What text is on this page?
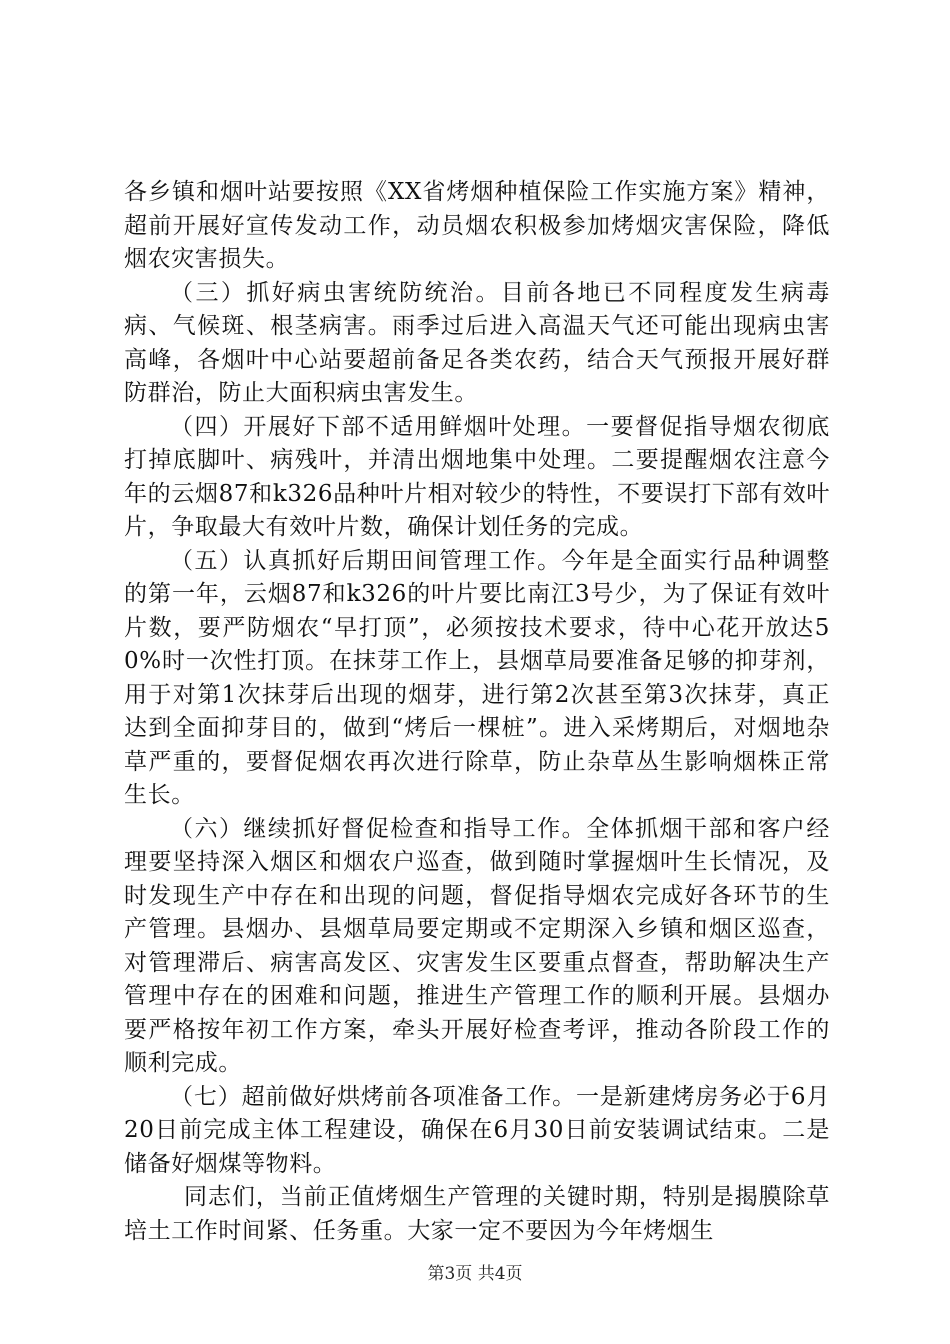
各乡镇和烟叶站要按照《XX省烤烟种植保险工作实施方案》精神，超前开展好宣传发动工作，动员烟农积极参加烤烟灾害保险，降低烟农灾害损失。

（三）抓好病虫害统防统治。目前各地已不同程度发生病毒病、气候斑、根茎病害。雨季过后进入高温天气还可能出现病虫害高峰，各烟叶中心站要超前备足各类农药，结合天气预报开展好群防群治，防止大面积病虫害发生。

（四）开展好下部不适用鲜烟叶处理。一要督促指导烟农彻底打掉底脚叶、病残叶，并清出烟地集中处理。二要提醒烟农注意今年的云烟87和k326品种叶片相对较少的特性，不要误打下部有效叶片，争取最大有效叶片数，确保计划任务的完成。

（五）认真抓好后期田间管理工作。今年是全面实行品种调整的第一年，云烟87和k326的叶片要比南江3号少，为了保证有效叶片数，要严防烟农“早打顶”，必须按技术要求，待中心花开放达50%时一次性打顶。在抹芽工作上，县烟草局要准备足够的抑芽剂，用于对第1次抹芽后出现的烟芽，进行第2次甚至第3次抹芽，真正达到全面抑芽目的，做到“烤后一棵桩”。进入采烤期后，对烟地杂草严重的，要督促烟农再次进行除草，防止杂草丛生影响烟株正常生长。

（六）继续抓好督促检查和指导工作。全体抓烟干部和客户经理要坚持深入烟区和烟农户巡查，做到随时掌握烟叶生长情况，及时发现生产中存在和出现的问题，督促指导烟农完成好各环节的生产管理。县烟办、县烟草局要定期或不定期深入乡镇和烟区巡查，对管理滞后、病害高发区、灾害发生区要重点督查，帮助解决生产管理中存在的困难和问题，推进生产管理工作的顺利开展。县烟办要严格按年初工作方案，牵头开展好检查考评，推动各阶段工作的顺利完成。

（七）超前做好烘烤前各项准备工作。一是新建烤房务必于6月20日前完成主体工程建设，确保在6月30日前安装调试结束。二是储备好烟煤等物料。

同志们，当前正值烤烟生产管理的关键时期，特别是揭膜除草培土工作时间紧、任务重。大家一定不要因为今年烤烟生

第3页 共4页
